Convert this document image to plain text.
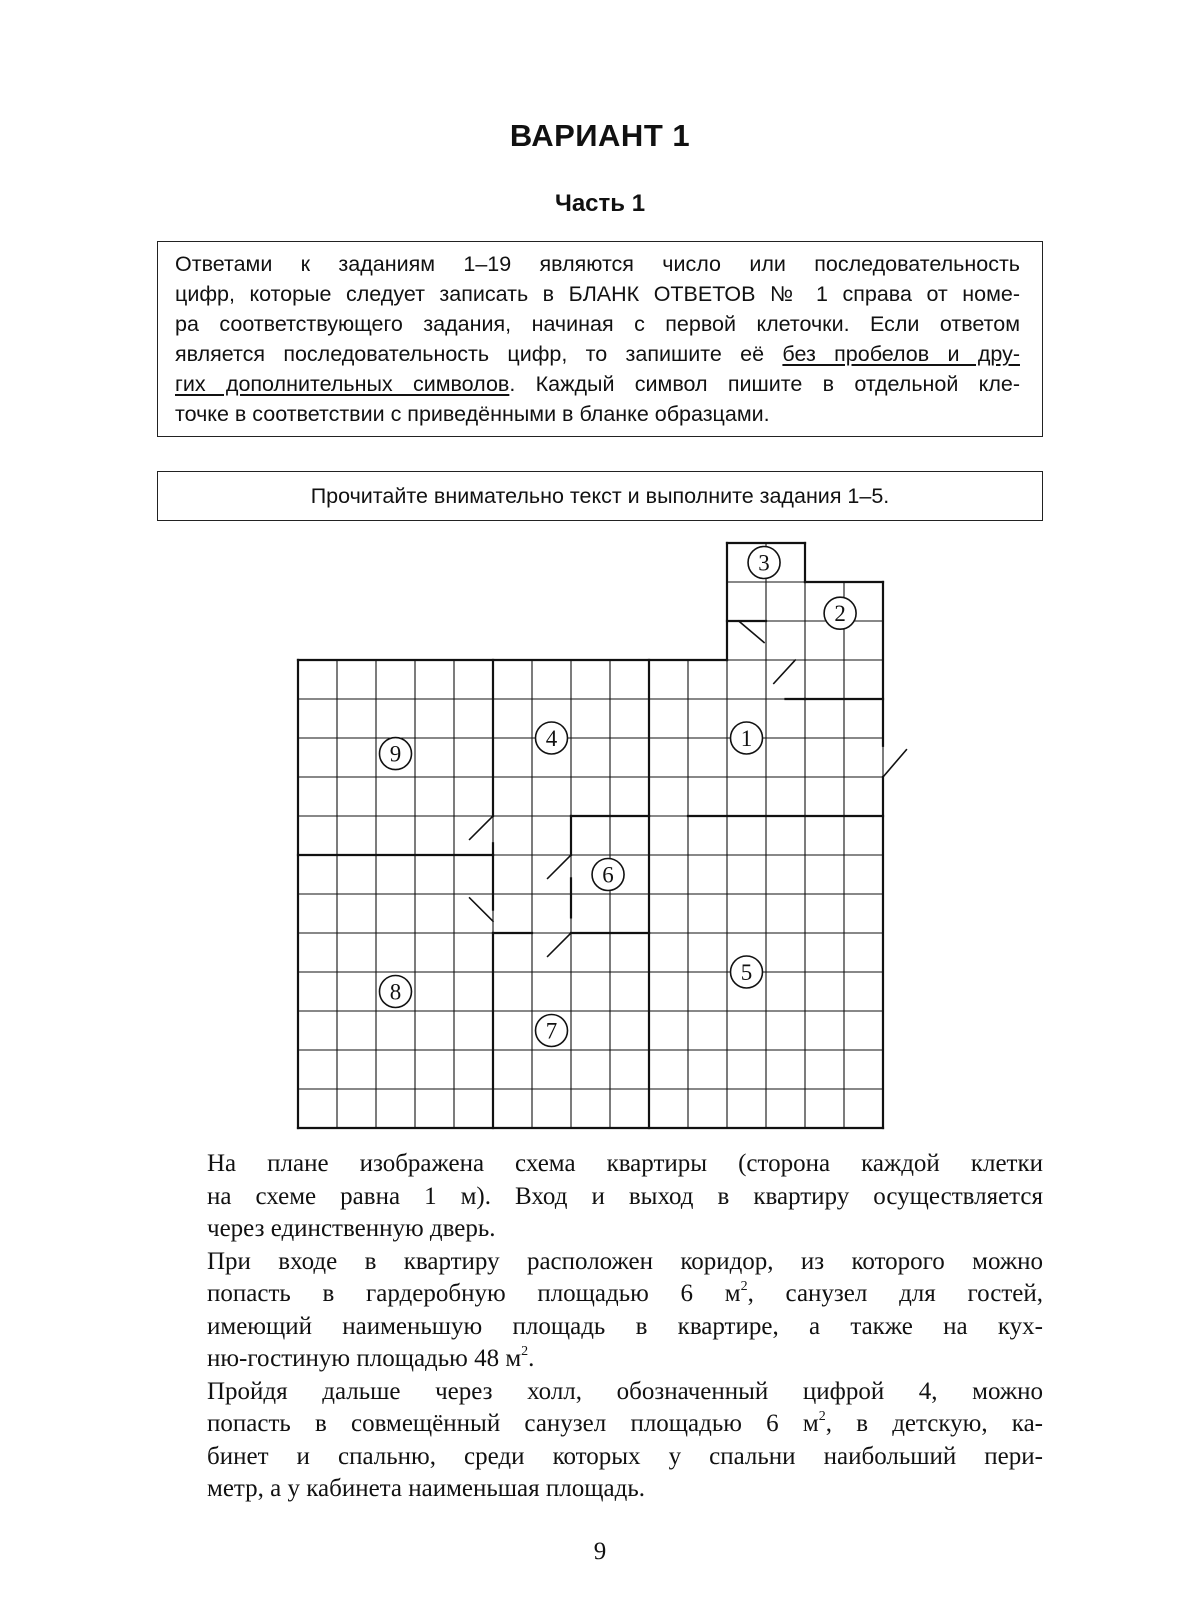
ВАРИАНТ 1
Часть 1
Ответами к заданиям 1–19 являются число или последовательность
цифр, которые следует записать в БЛАНК ОТВЕТОВ № 1 справа от номе-
ра соответствующего задания, начиная с первой клеточки. Если ответом
является последовательность цифр, то запишите её без пробелов и дру-
гих дополнительных символов. Каждый символ пишите в отдельной кле-
точке в соответствии с приведёнными в бланке образцами.
Прочитайте внимательно текст и выполните задания 1–5.
1
2
3
4
5
6
7
8
9
На плане изображена схема квартиры (сторона каждой клетки
на схеме равна 1 м). Вход и выход в квартиру осуществляется
через единственную дверь.
При входе в квартиру расположен коридор, из которого можно
попасть в гардеробную площадью 6 $м^2$, санузел для гостей,
имеющий наименьшую площадь в квартире, а также на кух-
ню-гостиную площадью 48 $м^2$.
Пройдя дальше через холл, обозначенный цифрой 4, можно
попасть в совмещённый санузел площадью 6 $м^2$, в детскую, ка-
бинет и спальню, среди которых у спальни наибольший пери-
метр, а у кабинета наименьшая площадь.
9
